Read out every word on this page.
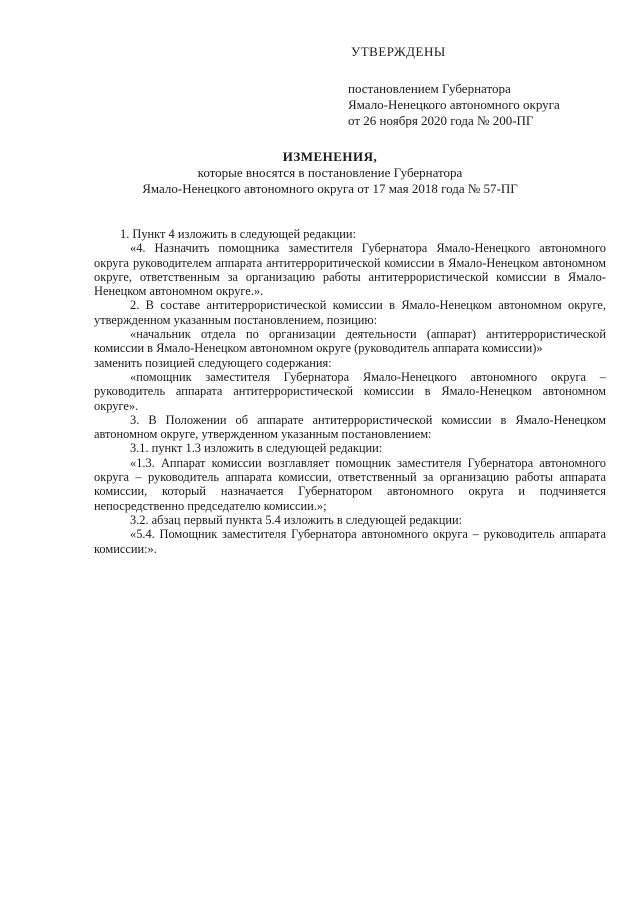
УТВЕРЖДЕНЫ
постановлением Губернатора
Ямало-Ненецкого автономного округа
от 26 ноября 2020 года № 200-ПГ
ИЗМЕНЕНИЯ,
которые вносятся в постановление Губернатора
Ямало-Ненецкого автономного округа от 17 мая 2018 года № 57-ПГ

1. Пункт 4 изложить в следующей редакции:

«4. Назначить помощника заместителя Губернатора Ямало-Ненецкого автономного округа руководителем аппарата антитерроритической комиссии в Ямало-Ненецком автономном округе, ответственным за организацию работы антитеррористической комиссии в Ямало-Ненецком автономном округе.».

2. В составе антитеррористической комиссии в Ямало-Ненецком автономном округе, утвержденном указанным постановлением, позицию:

«начальник отдела по организации деятельности (аппарат) антитеррористической комиссии в Ямало-Ненецком автономном округе (руководитель аппарата комиссии)»

заменить позицией следующего содержания:

«помощник заместителя Губернатора Ямало-Ненецкого автономного округа – руководитель аппарата антитеррористической комиссии в Ямало-Ненецком автономном округе».

3. В Положении об аппарате антитеррористической комиссии в Ямало-Ненецком автономном округе, утвержденном указанным постановлением:

3.1. пункт 1.3 изложить в следующей редакции:

«1.3. Аппарат комиссии возглавляет помощник заместителя Губернатора автономного округа – руководитель аппарата комиссии, ответственный за организацию работы аппарата комиссии, который назначается Губернатором автономного округа и подчиняется непосредственно председателю комиссии.»;

3.2. абзац первый пункта 5.4 изложить в следующей редакции:

«5.4. Помощник заместителя Губернатора автономного округа – руководитель аппарата комиссии:».
